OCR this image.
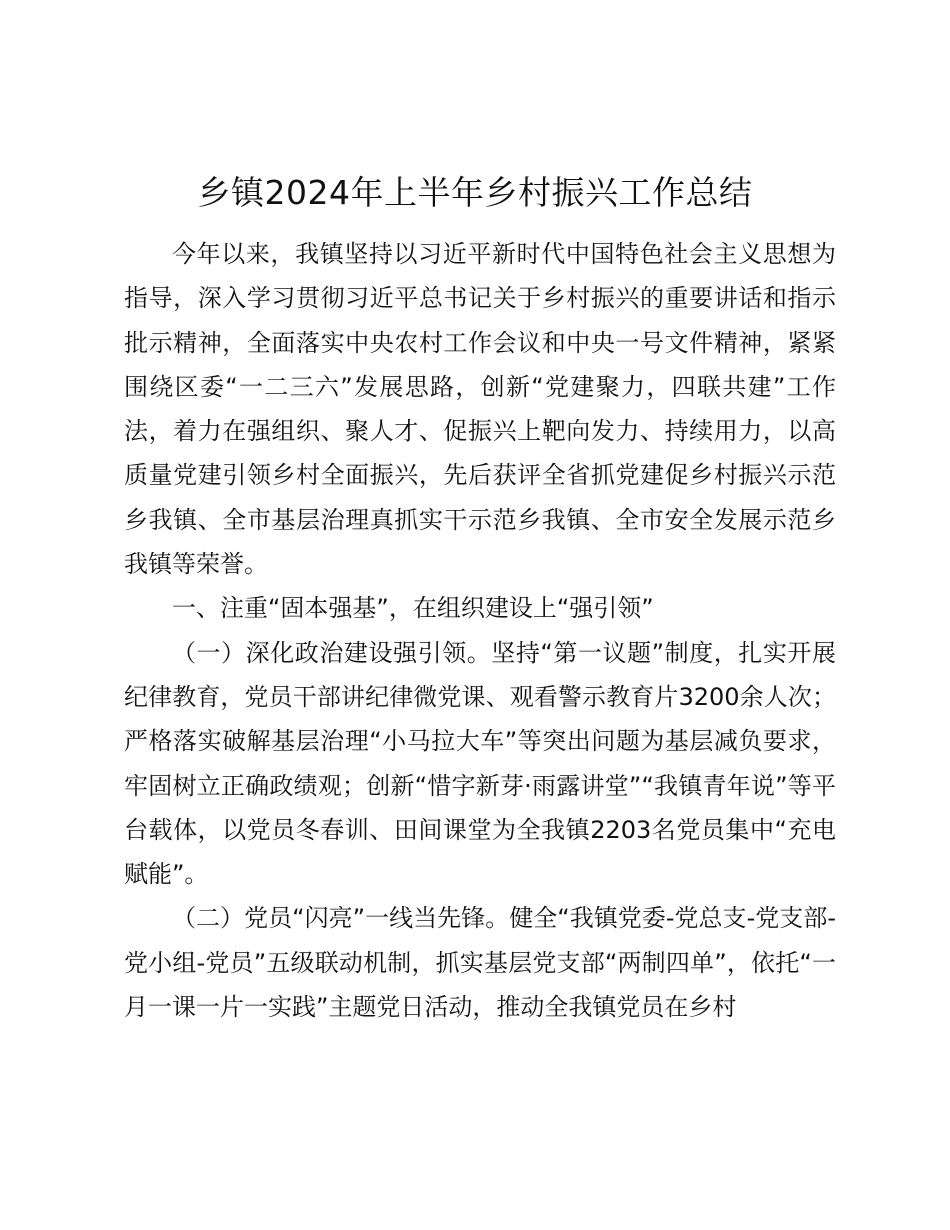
乡镇2024年上半年乡村振兴工作总结

今年以来，我镇坚持以习近平新时代中国特色社会主义思想为指导，深入学习贯彻习近平总书记关于乡村振兴的重要讲话和指示批示精神，全面落实中央农村工作会议和中央一号文件精神，紧紧围绕区委“一二三六”发展思路，创新“党建聚力，四联共建”工作法，着力在强组织、聚人才、促振兴上靶向发力、持续用力，以高质量党建引领乡村全面振兴，先后获评全省抓党建促乡村振兴示范乡我镇、全市基层治理真抓实干示范乡我镇、全市安全发展示范乡我镇等荣誉。

一、注重“固本强基”，在组织建设上“强引领”

（一）深化政治建设强引领。坚持“第一议题”制度，扎实开展纪律教育，党员干部讲纪律微党课、观看警示教育片3200余人次；严格落实破解基层治理“小马拉大车”等突出问题为基层减负要求，牢固树立正确政绩观；创新“惜字新芽·雨露讲堂”“我镇青年说”等平台载体，以党员冬春训、田间课堂为全我镇2203名党员集中“充电赋能”。

（二）党员“闪亮”一线当先锋。健全“我镇党委-党总支-党支部-党小组-党员”五级联动机制，抓实基层党支部“两制四单”，依托“一月一课一片一实践”主题党日活动，推动全我镇党员在乡村
